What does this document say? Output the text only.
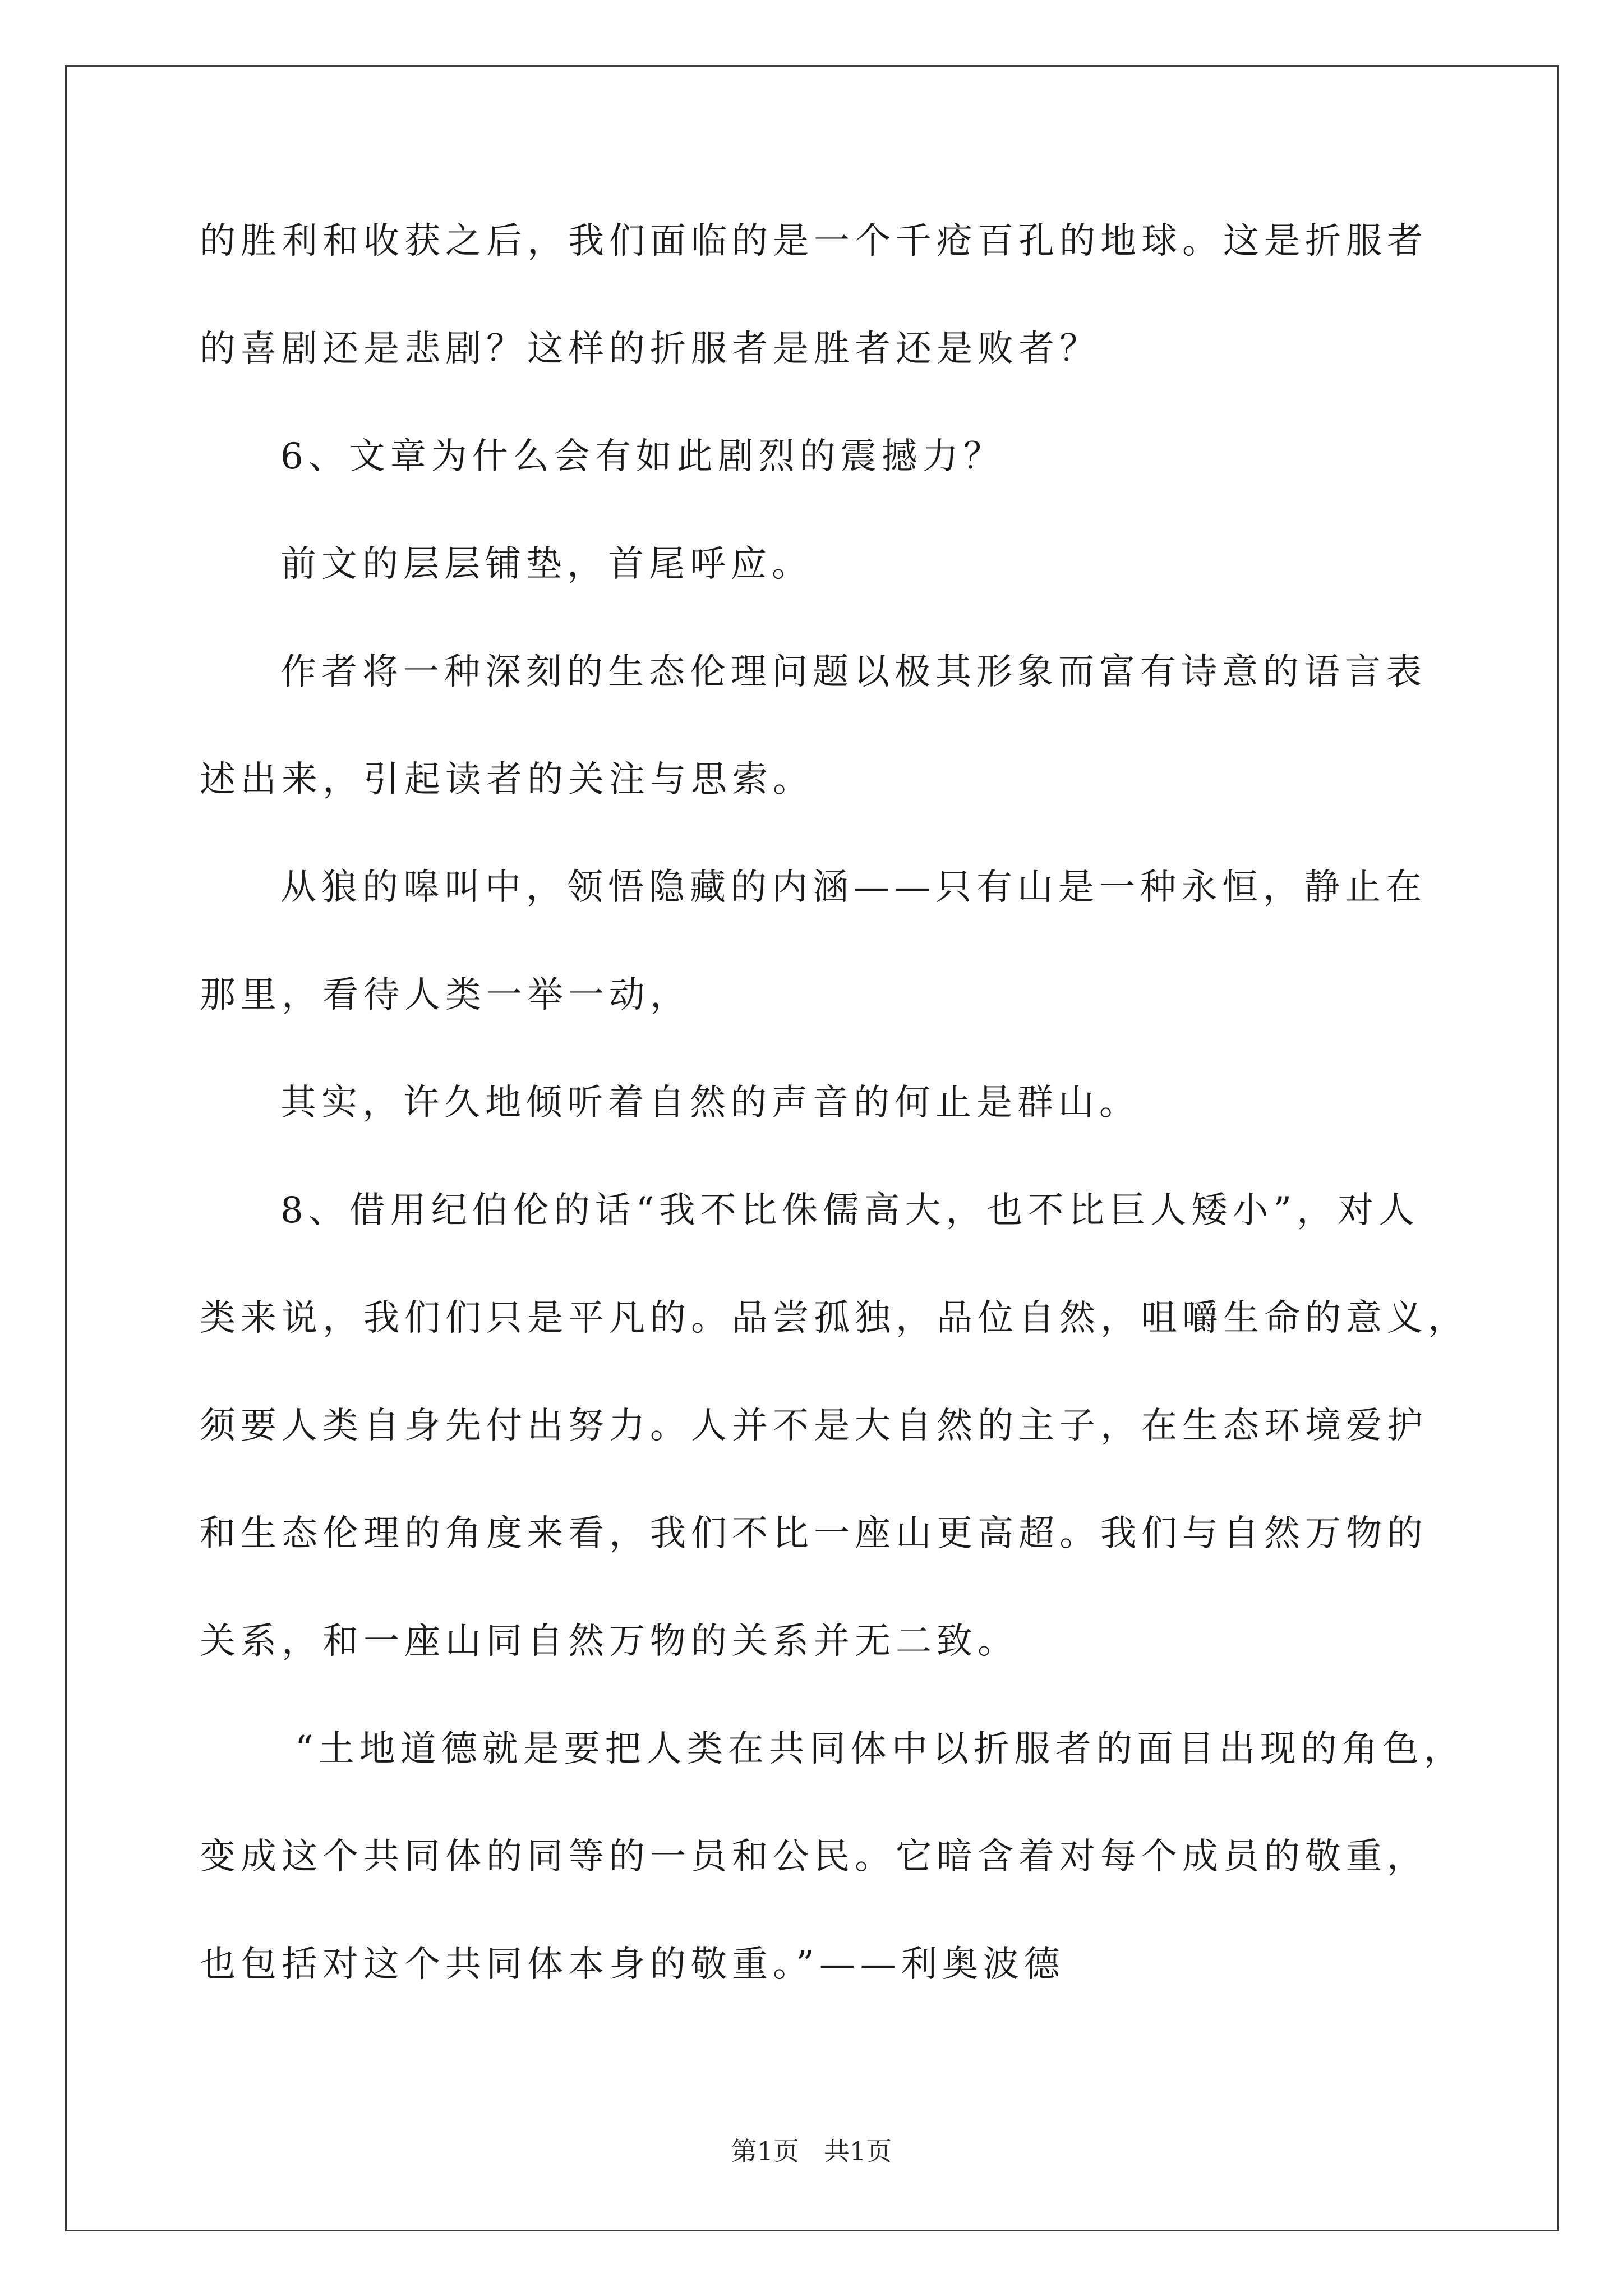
的胜利和收获之后，我们面临的是一个千疮百孔的地球。这是折服者
的喜剧还是悲剧？这样的折服者是胜者还是败者？
6、文章为什么会有如此剧烈的震撼力？
前文的层层铺垫，首尾呼应。
作者将一种深刻的生态伦理问题以极其形象而富有诗意的语言表
述出来，引起读者的关注与思索。
从狼的嗥叫中，领悟隐藏的内涵——只有山是一种永恒，静止在
那里，看待人类一举一动，
其实，许久地倾听着自然的声音的何止是群山。
8、借用纪伯伦的话“我不比侏儒高大，也不比巨人矮小”，对人
类来说，我们们只是平凡的。品尝孤独，品位自然，咀嚼生命的意义，
须要人类自身先付出努力。人并不是大自然的主子，在生态环境爱护
和生态伦理的角度来看，我们不比一座山更高超。我们与自然万物的
关系，和一座山同自然万物的关系并无二致。
“土地道德就是要把人类在共同体中以折服者的面目出现的角色，
变成这个共同体的同等的一员和公民。它暗含着对每个成员的敬重，
也包括对这个共同体本身的敬重。”——利奥波德
第1页 共1页
